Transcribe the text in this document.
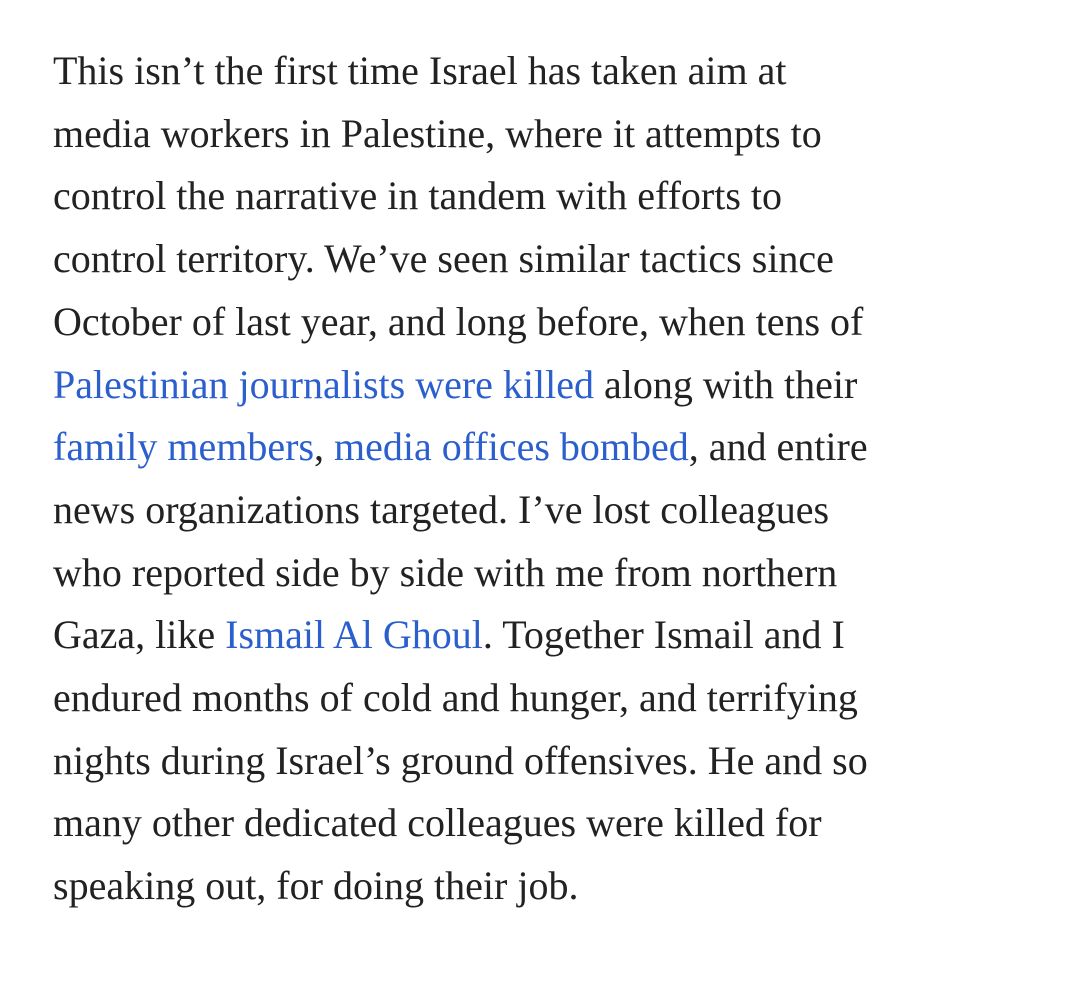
This isn’t the first time Israel has taken aim at
media workers in Palestine, where it attempts to
control the narrative in tandem with efforts to
control territory. We’ve seen similar tactics since
October of last year, and long before, when tens of
Palestinian journalists were killed along with their
family members, media offices bombed, and entire
news organizations targeted. I’ve lost colleagues
who reported side by side with me from northern
Gaza, like Ismail Al Ghoul. Together Ismail and I
endured months of cold and hunger, and terrifying
nights during Israel’s ground offensives. He and so
many other dedicated colleagues were killed for
speaking out, for doing their job.
